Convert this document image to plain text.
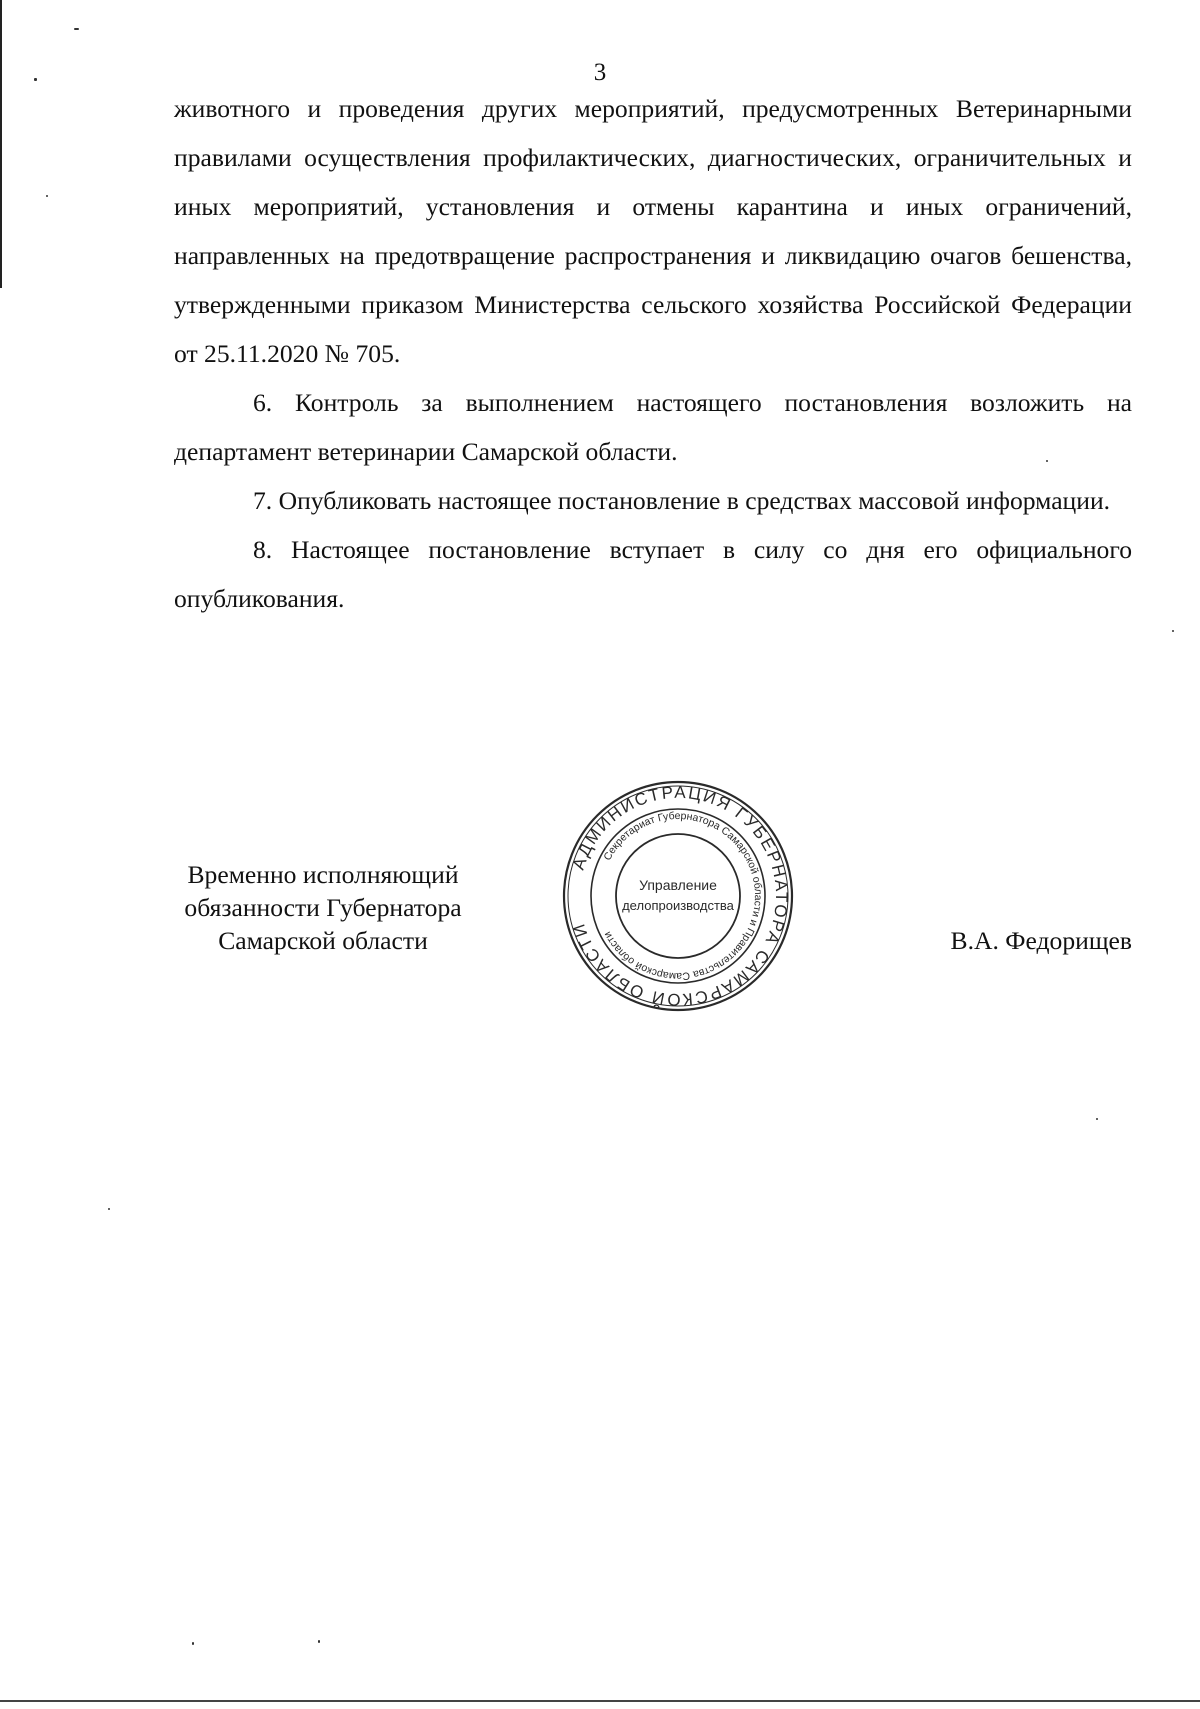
3

животного и проведения других мероприятий, предусмотренных Ветеринарными правилами осуществления профилактических, диагностических, ограничительных и иных мероприятий, установления и отмены карантина и иных ограничений, направленных на предотвращение распространения и ликвидацию очагов бешенства, утвержденными приказом Министерства сельского хозяйства Российской Федерации от 25.11.2020 № 705.

6. Контроль за выполнением настоящего постановления возложить на департамент ветеринарии Самарской области.

7. Опубликовать настоящее постановление в средствах массовой информации.

8. Настоящее постановление вступает в силу со дня его официального опубликования.

Временно исполняющий
обязанности Губернатора
Самарской области
АДМИНИСТРАЦИЯ ГУБЕРНАТОРА САМАРСКОЙ ОБЛАСТИ
Секретариат Губернатора Самарской области и Правительства Самарской области
Управление
делопроизводства
В.А. Федорищев
